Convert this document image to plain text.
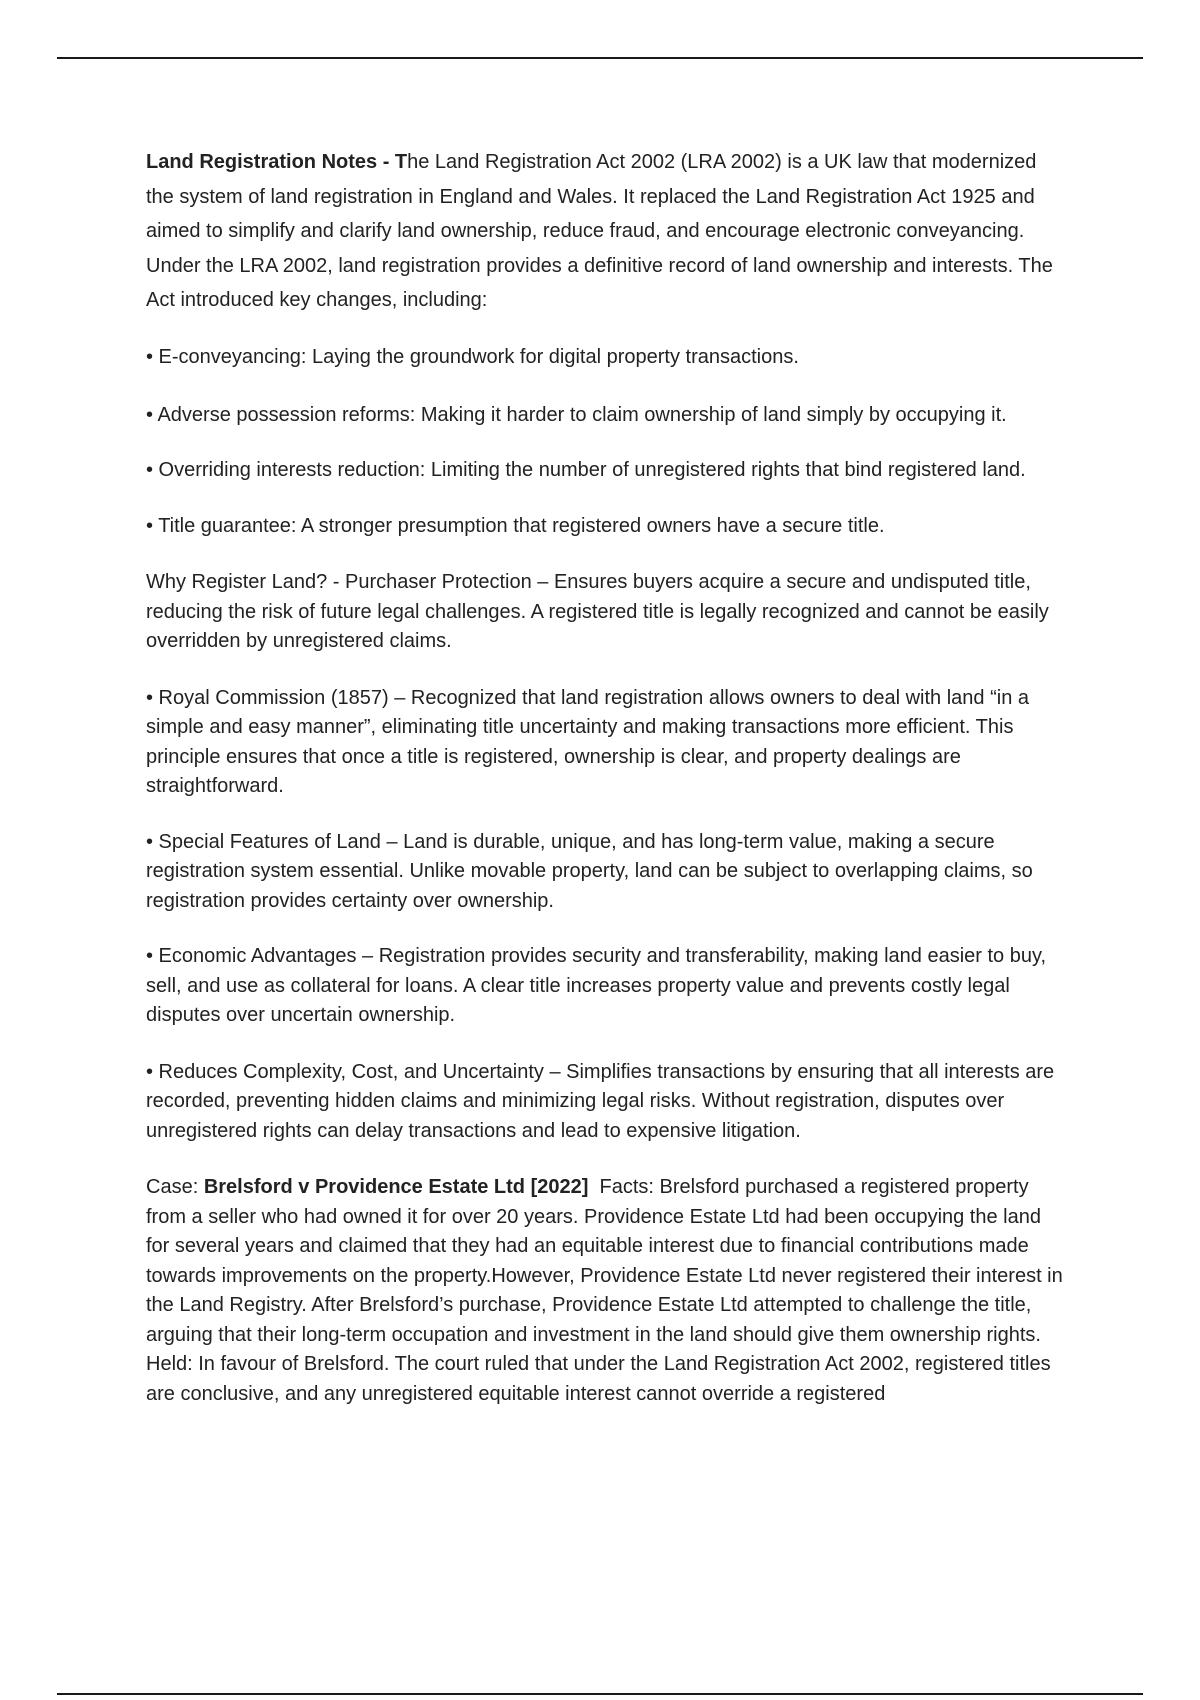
Land Registration Notes - The Land Registration Act 2002 (LRA 2002) is a UK law that modernized the system of land registration in England and Wales. It replaced the Land Registration Act 1925 and aimed to simplify and clarify land ownership, reduce fraud, and encourage electronic conveyancing. Under the LRA 2002, land registration provides a definitive record of land ownership and interests. The Act introduced key changes, including:

• E-conveyancing: Laying the groundwork for digital property transactions.

• Adverse possession reforms: Making it harder to claim ownership of land simply by occupying it.

• Overriding interests reduction: Limiting the number of unregistered rights that bind registered land.

• Title guarantee: A stronger presumption that registered owners have a secure title.

Why Register Land? - Purchaser Protection – Ensures buyers acquire a secure and undisputed title, reducing the risk of future legal challenges. A registered title is legally recognized and cannot be easily overridden by unregistered claims.

• Royal Commission (1857) – Recognized that land registration allows owners to deal with land “in a simple and easy manner”, eliminating title uncertainty and making transactions more efficient. This principle ensures that once a title is registered, ownership is clear, and property dealings are straightforward.

• Special Features of Land – Land is durable, unique, and has long-term value, making a secure registration system essential. Unlike movable property, land can be subject to overlapping claims, so registration provides certainty over ownership.

• Economic Advantages – Registration provides security and transferability, making land easier to buy, sell, and use as collateral for loans. A clear title increases property value and prevents costly legal disputes over uncertain ownership.

• Reduces Complexity, Cost, and Uncertainty – Simplifies transactions by ensuring that all interests are recorded, preventing hidden claims and minimizing legal risks. Without registration, disputes over unregistered rights can delay transactions and lead to expensive litigation.

Case: Brelsford v Providence Estate Ltd [2022]  Facts: Brelsford purchased a registered property from a seller who had owned it for over 20 years. Providence Estate Ltd had been occupying the land for several years and claimed that they had an equitable interest due to financial contributions made towards improvements on the property.However, Providence Estate Ltd never registered their interest in the Land Registry. After Brelsford’s purchase, Providence Estate Ltd attempted to challenge the title, arguing that their long-term occupation and investment in the land should give them ownership rights. Held: In favour of Brelsford. The court ruled that under the Land Registration Act 2002, registered titles are conclusive, and any unregistered equitable interest cannot override a registered
